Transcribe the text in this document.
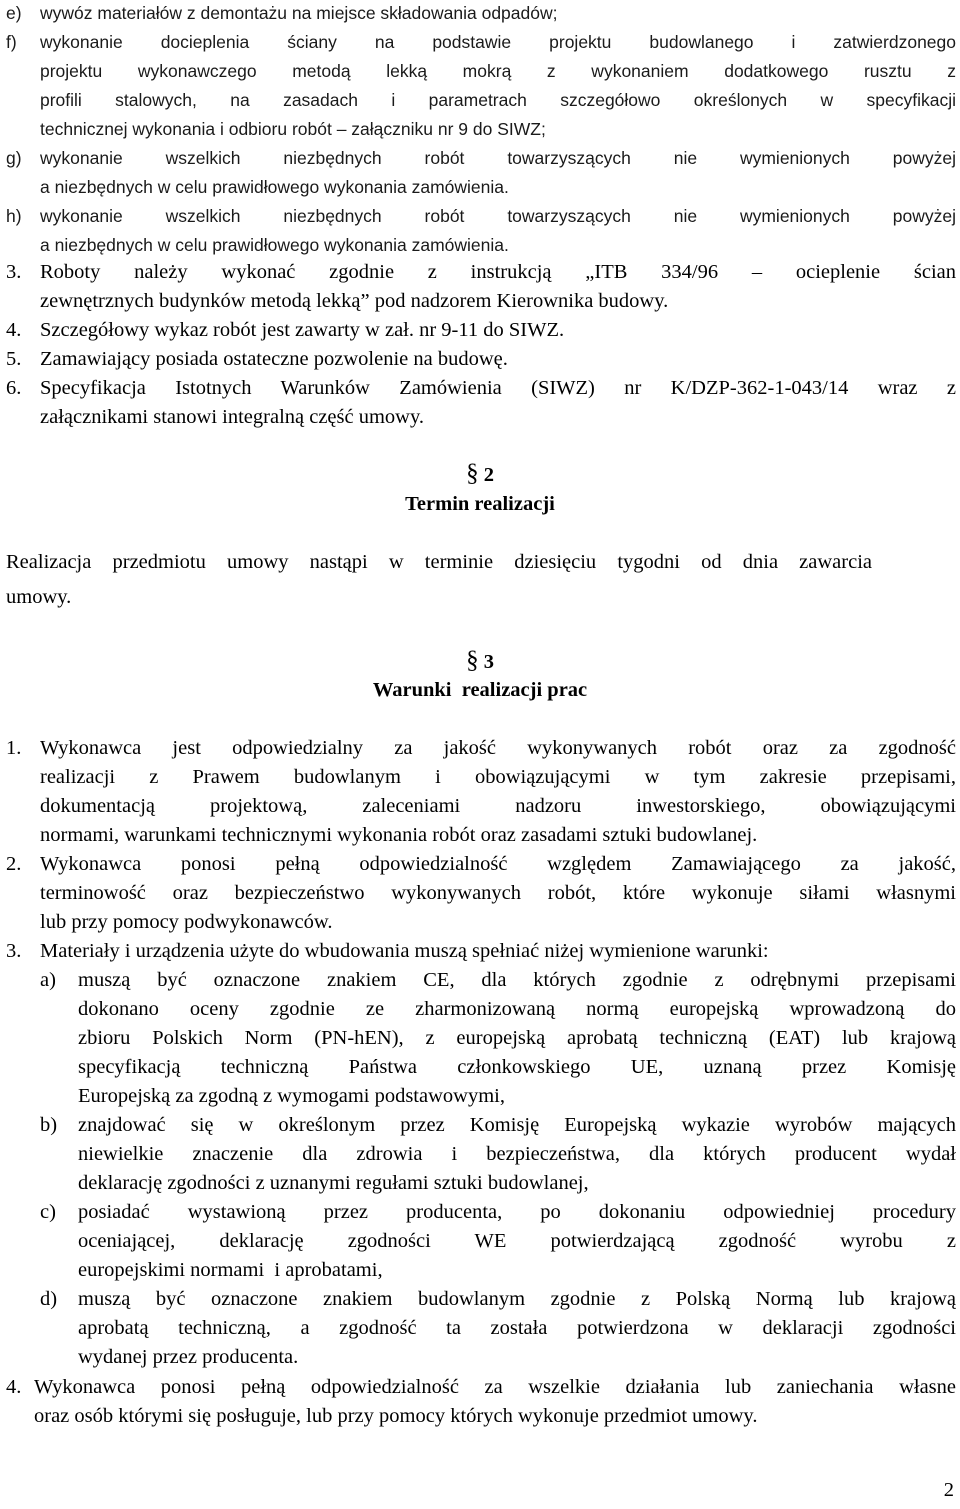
e) wywóz materiałów z demontażu na miejsce składowania odpadów;
f) wykonanie docieplenia ściany na podstawie projektu budowlanego i zatwierdzonego
projektu wykonawczego metodą lekką mokrą z wykonaniem dodatkowego rusztu z
profili stalowych, na zasadach i parametrach szczegółowo określonych w specyfikacji
technicznej wykonania i odbioru robót – załączniku nr 9 do SIWZ;
g) wykonanie wszelkich niezbędnych robót towarzyszących nie wymienionych powyżej
a niezbędnych w celu prawidłowego wykonania zamówienia.
h) wykonanie wszelkich niezbędnych robót towarzyszących nie wymienionych powyżej
a niezbędnych w celu prawidłowego wykonania zamówienia.
3. Roboty należy wykonać zgodnie z instrukcją „ITB 334/96 – ocieplenie ścian
zewnętrznych budynków metodą lekką” pod nadzorem Kierownika budowy.
4. Szczegółowy wykaz robót jest zawarty w zał. nr 9-11 do SIWZ.
5. Zamawiający posiada ostateczne pozwolenie na budowę.
6. Specyfikacja Istotnych Warunków Zamówienia (SIWZ) nr K/DZP-362-1-043/14 wraz z
załącznikami stanowi integralną część umowy.
§ 2
Termin realizacji
Realizacja przedmiotu umowy nastąpi w terminie dziesięciu tygodni od dnia zawarcia
umowy.
§ 3
Warunki  realizacji prac
1. Wykonawca jest odpowiedzialny za jakość wykonywanych robót oraz za zgodność
realizacji z Prawem budowlanym i obowiązującymi w tym zakresie przepisami,
dokumentacją projektową, zaleceniami nadzoru inwestorskiego, obowiązującymi
normami, warunkami technicznymi wykonania robót oraz zasadami sztuki budowlanej.
2. Wykonawca ponosi pełną odpowiedzialność względem Zamawiającego za jakość,
terminowość oraz bezpieczeństwo wykonywanych robót, które wykonuje siłami własnymi
lub przy pomocy podwykonawców.
3. Materiały i urządzenia użyte do wbudowania muszą spełniać niżej wymienione warunki:
a) muszą być oznaczone znakiem CE, dla których zgodnie z odrębnymi przepisami
dokonano oceny zgodnie ze zharmonizowaną normą europejską wprowadzoną do
zbioru Polskich Norm (PN-hEN), z europejską aprobatą techniczną (EAT) lub krajową
specyfikacją techniczną Państwa członkowskiego UE, uznaną przez Komisję
Europejską za zgodną z wymogami podstawowymi,
b) znajdować się w określonym przez Komisję Europejską wykazie wyrobów mających
niewielkie znaczenie dla zdrowia i bezpieczeństwa, dla których producent wydał
deklarację zgodności z uznanymi regułami sztuki budowlanej,
c) posiadać wystawioną przez producenta, po dokonaniu odpowiedniej procedury
oceniającej, deklarację zgodności WE potwierdzającą zgodność wyrobu z
europejskimi normami  i aprobatami,
d) muszą być oznaczone znakiem budowlanym zgodnie z Polską Normą lub krajową
aprobatą techniczną, a zgodność ta została potwierdzona w deklaracji zgodności
wydanej przez producenta.
4. Wykonawca ponosi pełną odpowiedzialność za wszelkie działania lub zaniechania własne
oraz osób którymi się posługuje, lub przy pomocy których wykonuje przedmiot umowy.
2
